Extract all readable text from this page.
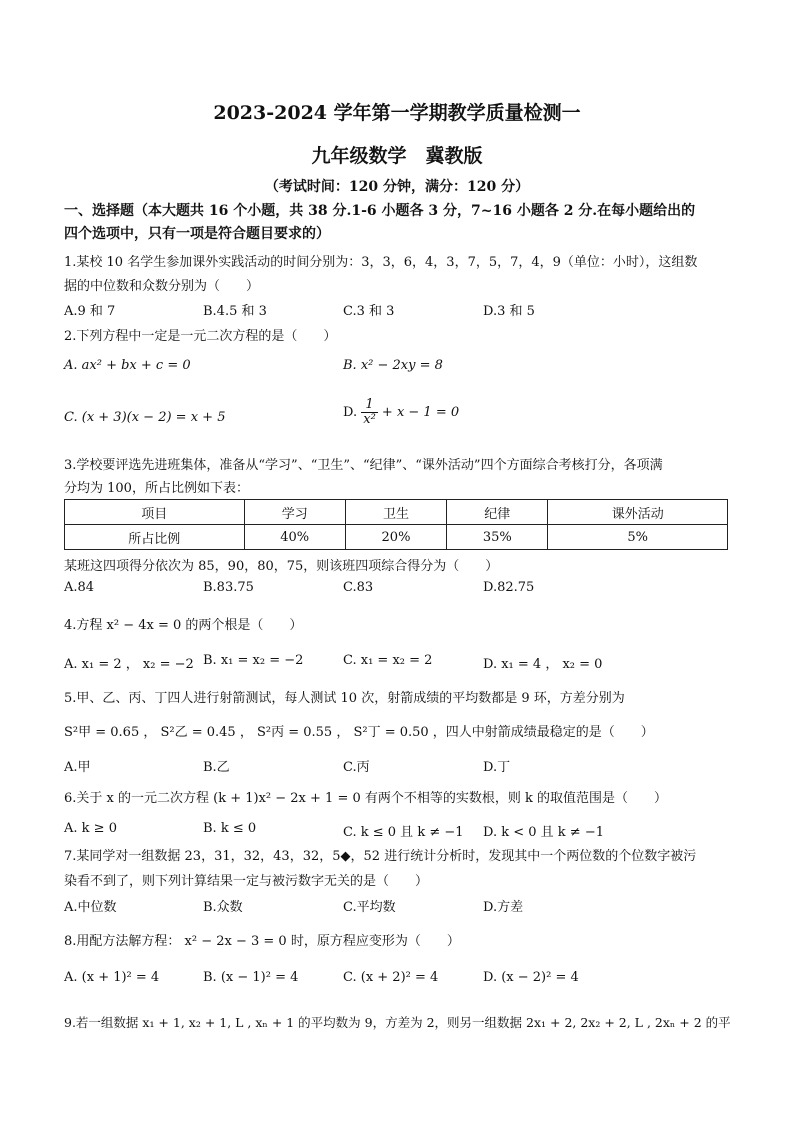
2023-2024 学年第一学期教学质量检测一
九年级数学　冀教版
（考试时间：120 分钟，满分：120 分）
一、选择题（本大题共 16 个小题，共 38 分.1-6 小题各 3 分，7~16 小题各 2 分.在每小题给出的
四个选项中，只有一项是符合题目要求的）
1.某校 10 名学生参加课外实践活动的时间分别为：3，3，6，4，3，7，5，7，4，9（单位：小时），这组数
据的中位数和众数分别为（　　）
A.9 和 7	B.4.5 和 3	C.3 和 3	D.3 和 5
2.下列方程中一定是一元二次方程的是（　　）
A. ax² + bx + c = 0	B. x² − 2xy = 8
C. (x + 3)(x − 2) = x + 5	D. $\frac{1}{\text{x²}} + x - 1 = 0$
3.学校要评选先进班集体，准备从“学习”、“卫生”、“纪律”、“课外活动”四个方面综合考核打分，各项满
分均为 100，所占比例如下表：
项目	学习	卫生	纪律	课外活动
所占比例	40%	20%	35%	5%
某班这四项得分依次为 85，90，80，75，则该班四项综合得分为（　　）
A.84	B.83.75	C.83	D.82.75
4.方程 x² − 4x = 0 的两个根是（　　）
A. x₁ = 2 ， x₂ = −2 B. x₁ = x₂ = −2	C. x₁ = x₂ = 2	D. x₁ = 4 ， x₂ = 0
5.甲、乙、丙、丁四人进行射箭测试，每人测试 10 次，射箭成绩的平均数都是 9 环，方差分别为
S²甲 = 0.65 ， S²乙 = 0.45 ， S²丙 = 0.55 ， S²丁 = 0.50 ，四人中射箭成绩最稳定的是（　　）
A.甲	B.乙	C.丙	D.丁
6.关于 x 的一元二次方程 (k + 1)x² − 2x + 1 = 0 有两个不相等的实数根，则 k 的取值范围是（　　）
A. k ≥ 0	B. k ≤ 0	C. k ≤ 0 且 k ≠ −1 D. k < 0 且 k ≠ −1
7.某同学对一组数据 23，31，32，43，32，5◆，52 进行统计分析时，发现其中一个两位数的个位数字被污
染看不到了，则下列计算结果一定与被污数字无关的是（　　）
A.中位数	B.众数	C.平均数	D.方差
8.用配方法解方程： x² − 2x − 3 = 0 时，原方程应变形为（　　）
A. (x + 1)² = 4	B. (x − 1)² = 4	C. (x + 2)² = 4	D. (x − 2)² = 4
9.若一组数据 x₁ + 1, x₂ + 1, L , xₙ + 1 的平均数为 9，方差为 2，则另一组数据 2x₁ + 2, 2x₂ + 2, L , 2xₙ + 2 的平
